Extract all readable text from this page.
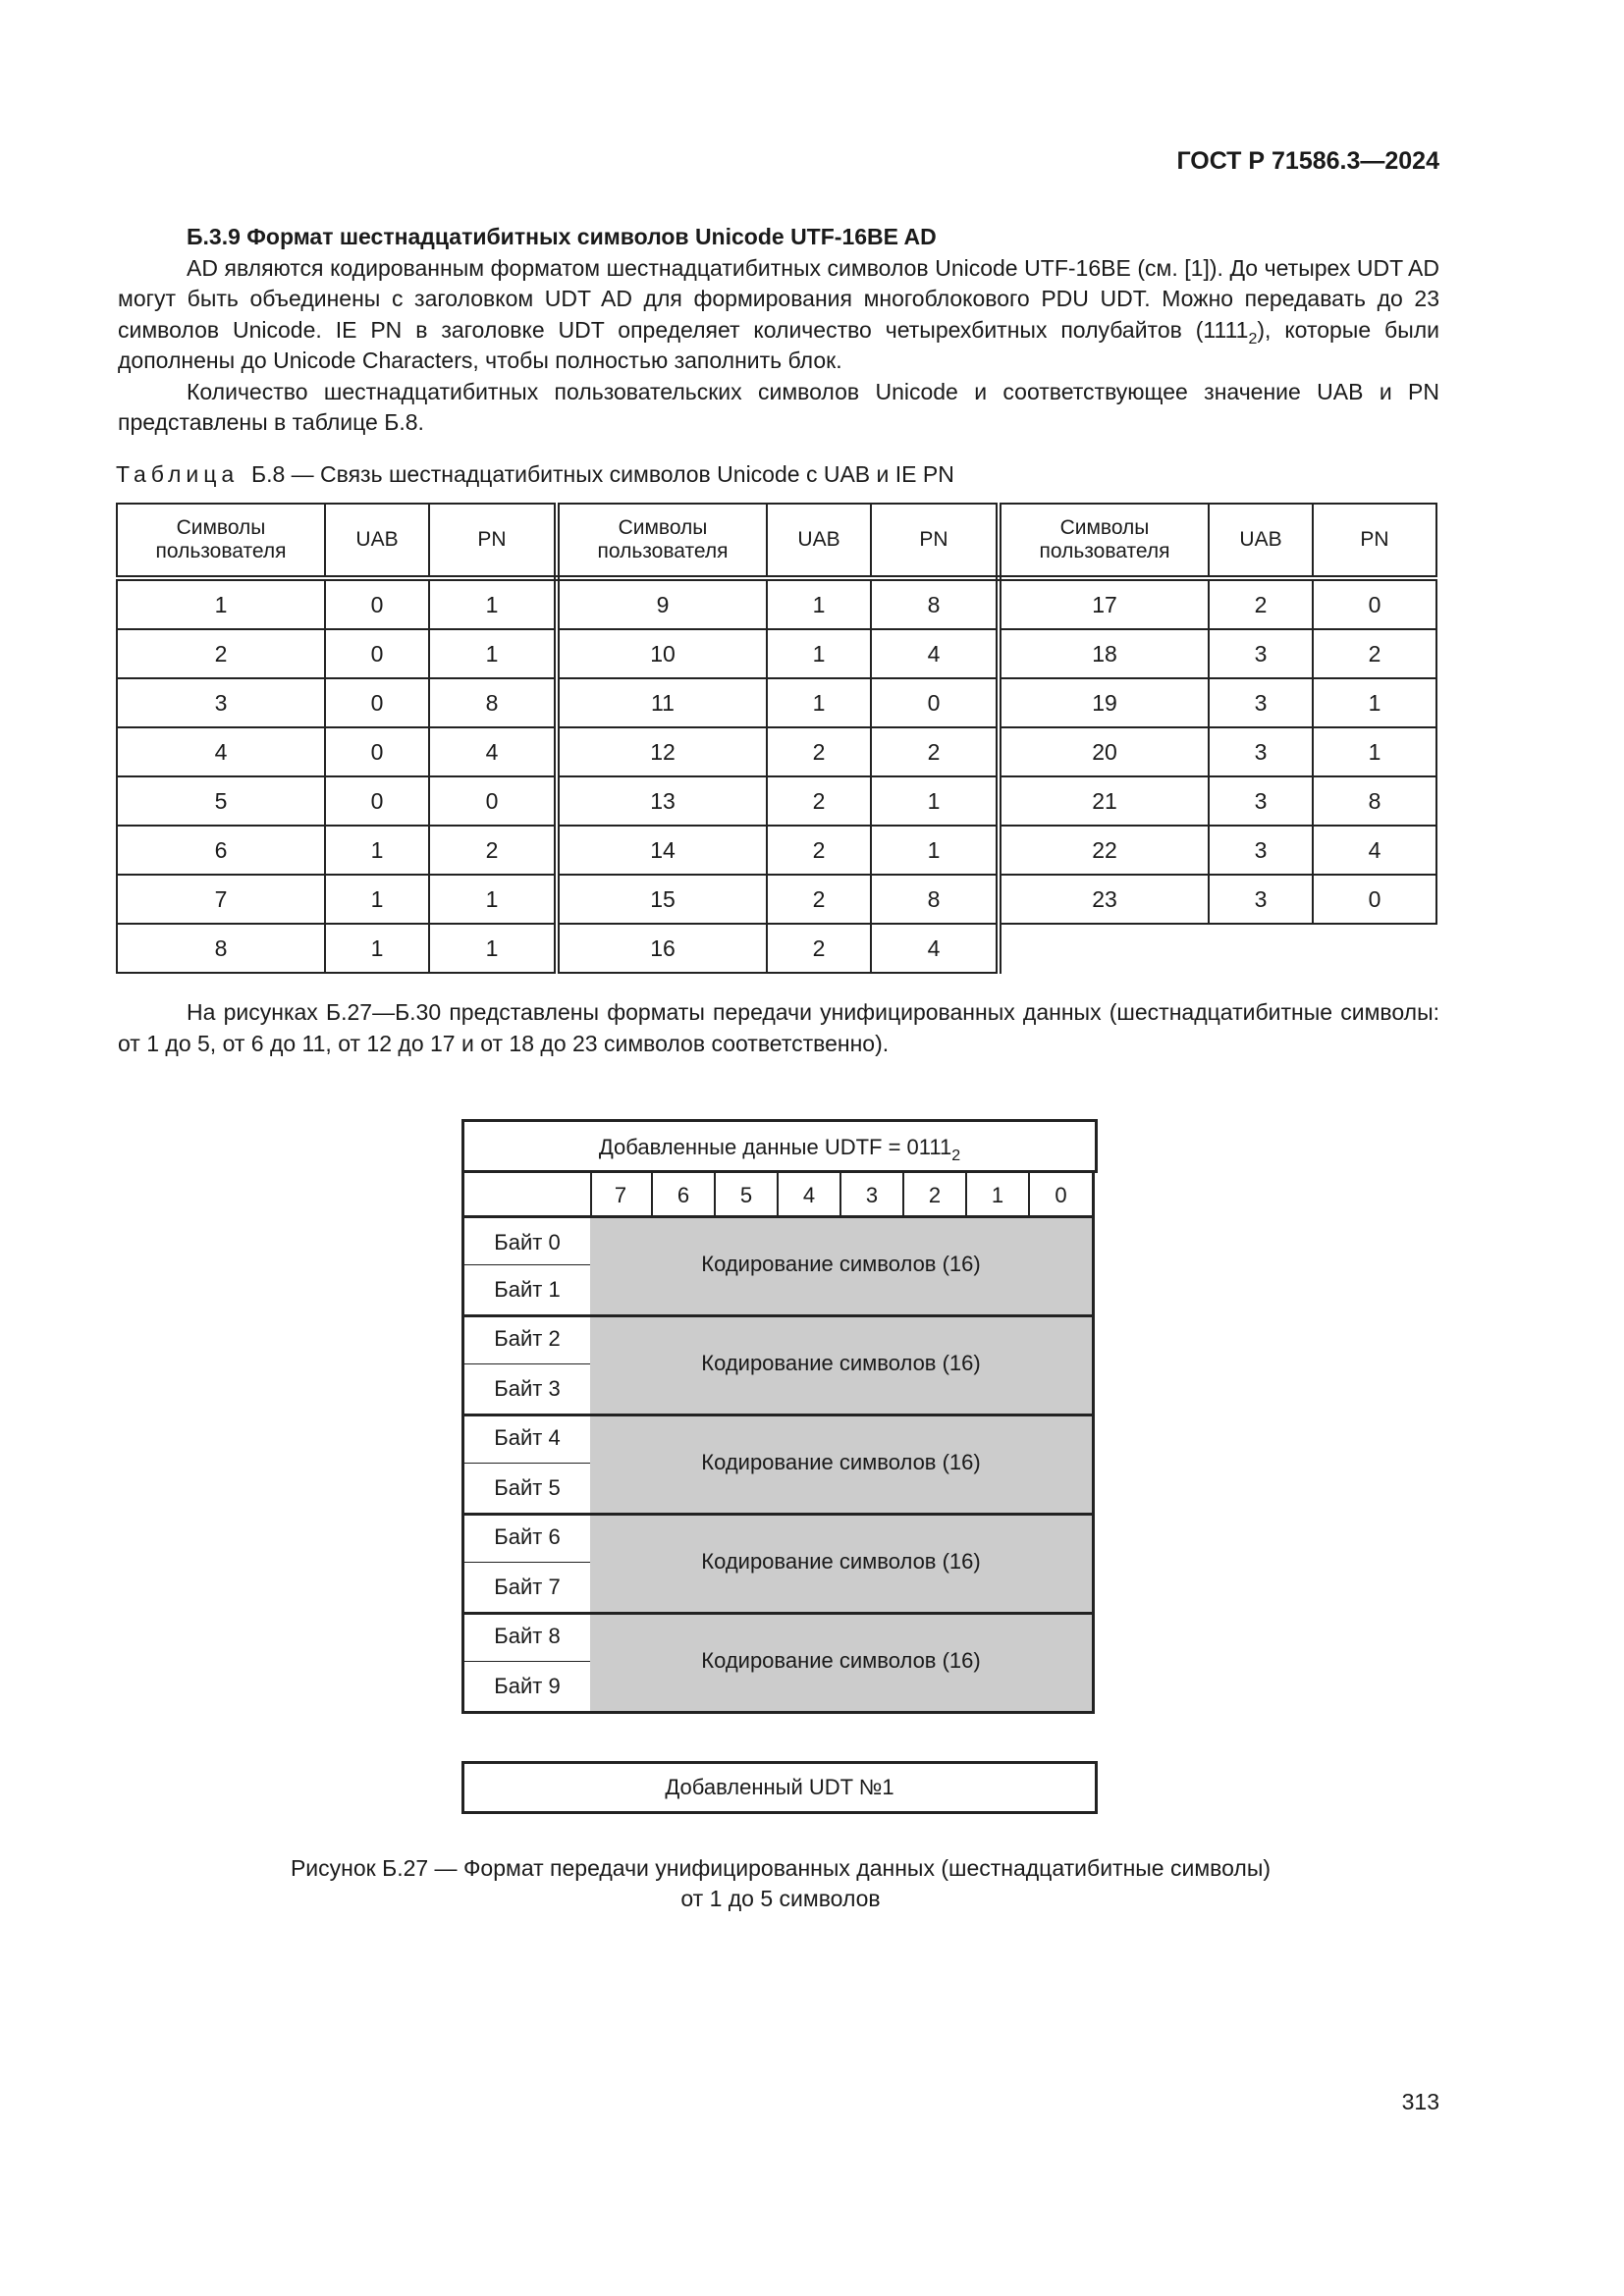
ГОСТ Р 71586.3—2024

Б.3.9 Формат шестнадцатибитных символов Unicode UTF-16BE AD

AD являются кодированным форматом шестнадцатибитных символов Unicode UTF-16BE (см. [1]). До четырех UDT AD могут быть объединены с заголовком UDT AD для формирования многоблокового PDU UDT. Можно передавать до 23 символов Unicode. IE PN в заголовке UDT определяет количество четырехбитных полубайтов $(1111_2)$, которые были дополнены до Unicode Characters, чтобы полностью заполнить блок.

Количество шестнадцатибитных пользовательских символов Unicode и соответствующее значение UAB и PN представлены в таблице Б.8.

Таблица Б.8 — Связь шестнадцатибитных символов Unicode с UAB и IE PN
Символы пользователя	UAB	PN	Символы пользователя	UAB	PN	Символы пользователя	UAB	PN
1	0	1	9	1	8	17	2	0
2	0	1	10	1	4	18	3	2
3	0	8	11	1	0	19	3	1
4	0	4	12	2	2	20	3	1
5	0	0	13	2	1	21	3	8
6	1	2	14	2	1	22	3	4
7	1	1	15	2	8	23	3	0
8	1	1	16	2	4			

На рисунках Б.27—Б.30 представлены форматы передачи унифицированных данных (шестнадцатибитные символы: от 1 до 5, от 6 до 11, от 12 до 17 и от 18 до 23 символов соответственно).

Добавленные данные UDTF = $0111_2$
7	6	5	4	3	2	1	0
Байт 0
Байт 1
Кодирование символов (16)
Байт 2
Байт 3
Кодирование символов (16)
Байт 4
Байт 5
Кодирование символов (16)
Байт 6
Байт 7
Кодирование символов (16)
Байт 8
Байт 9
Кодирование символов (16)
Добавленный UDT №1
Рисунок Б.27 — Формат передачи унифицированных данных (шестнадцатибитные символы)
от 1 до 5 символов
313
